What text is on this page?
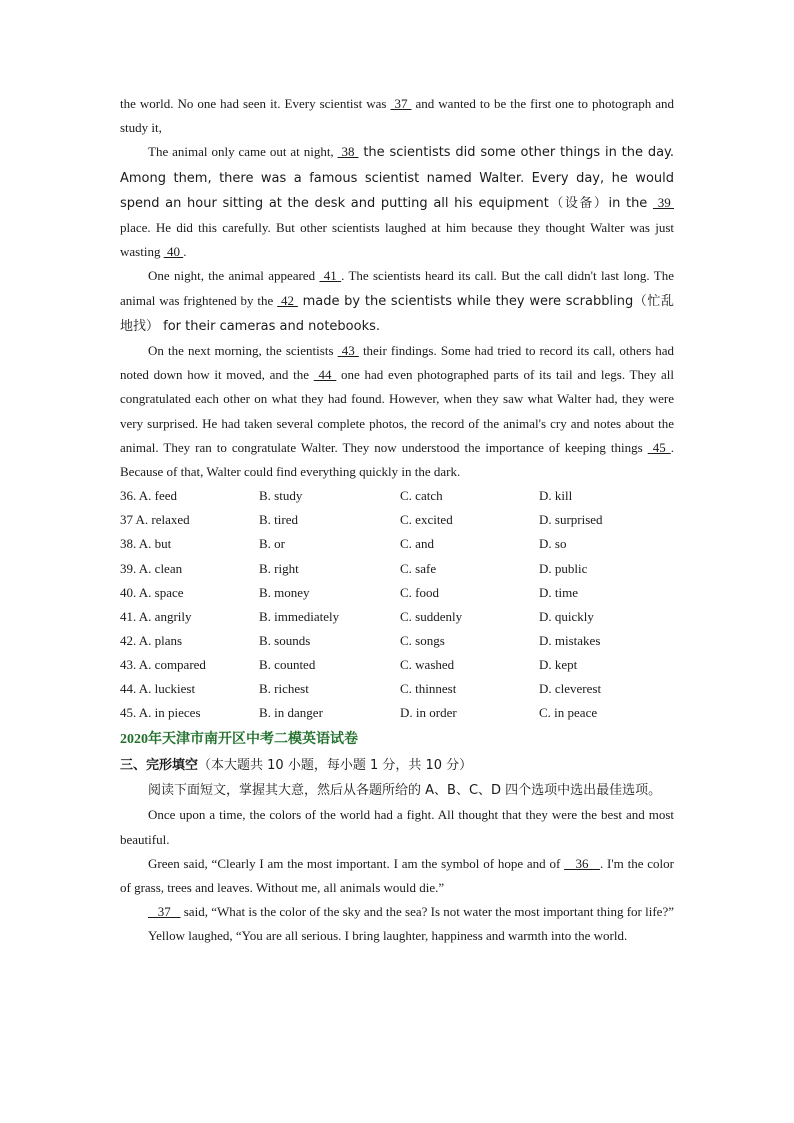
the world. No one had seen it. Every scientist was  37  and wanted to be the first one to photograph and study it,

The animal only came out at night,  38  the scientists did some other things in the day. Among them, there was a famous scientist named Walter. Every day, he would spend an hour sitting at the desk and putting all his equipment（设备）in the  39  place. He did this carefully. But other scientists laughed at him because they thought Walter was just wasting  40 .

One night, the animal appeared  41 . The scientists heard its call. But the call didn't last long. The animal was frightened by the  42  made by the scientists while they were scrabbling（忙乱地找） for their cameras and notebooks.

On the next morning, the scientists  43  their findings. Some had tried to record its call, others had noted down how it moved, and the  44  one had even photographed parts of its tail and legs. They all congratulated each other on what they had found. However, when they saw what Walter had, they were very surprised. He had taken several complete photos, the record of the animal's cry and notes about the animal. They ran to congratulate Walter. They now understood the importance of keeping things  45 . Because of that, Walter could find everything quickly in the dark.

36. A. feed	B. study	C. catch	D. kill
37 A. relaxed	B. tired	C. excited	D. surprised
38. A. but	B. or	C. and	D. so
39. A. clean	B. right	C. safe	D. public
40. A. space	B. money	C. food	D. time
41. A. angrily	B. immediately	C. suddenly	D. quickly
42. A. plans	B. sounds	C. songs	D. mistakes
43. A. compared	B. counted	C. washed	D. kept
44. A. luckiest	B. richest	C. thinnest	D. cleverest
45. A. in pieces	B. in danger	D. in order	C. in peace
2020年天津市南开区中考二模英语试卷

三、完形填空（本大题共 10 小题，每小题 1 分，共 10 分）

阅读下面短文，掌握其大意，然后从各题所给的 A、B、C、D 四个选项中选出最佳选项。

Once upon a time, the colors of the world had a fight. All thought that they were the best and most beautiful.

Green said, “Clearly I am the most important. I am the symbol of hope and of    36   . I'm the color of grass, trees and leaves. Without me, all animals would die.”

37    said, “What is the color of the sky and the sea? Is not water the most important thing for life?”

Yellow laughed, “You are all serious. I bring laughter, happiness and warmth into the world.
